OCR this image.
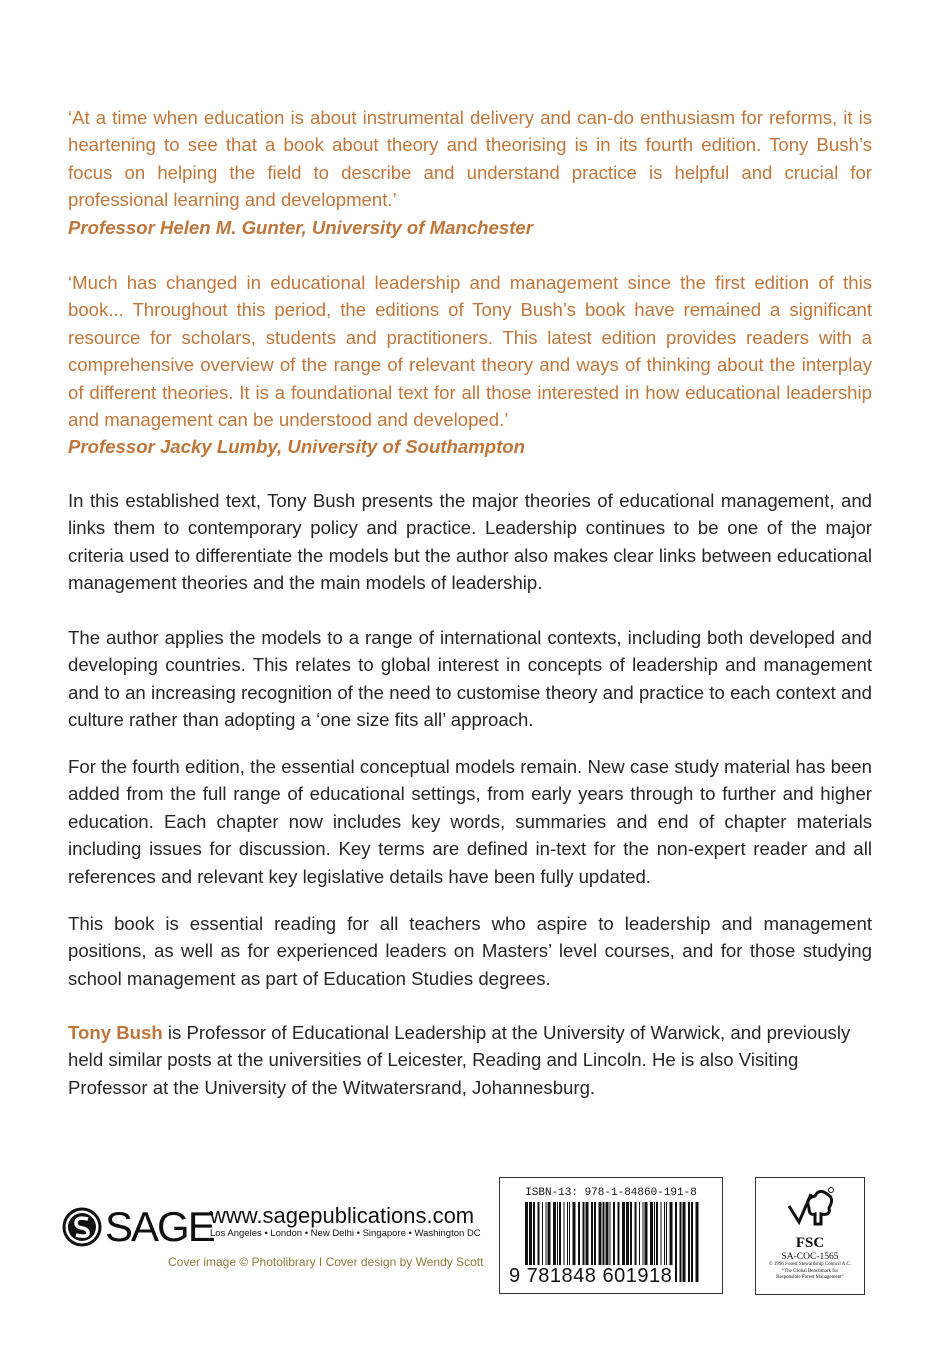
‘At a time when education is about instrumental delivery and can-do enthusiasm for reforms, it is heartening to see that a book about theory and theorising is in its fourth edition. Tony Bush’s focus on helping the field to describe and understand practice is helpful and crucial for professional learning and development.’
Professor Helen M. Gunter, University of Manchester

‘Much has changed in educational leadership and management since the first edition of this book... Throughout this period, the editions of Tony Bush’s book have remained a significant resource for scholars, students and practitioners. This latest edition provides readers with a comprehensive overview of the range of relevant theory and ways of thinking about the interplay of different theories. It is a foundational text for all those interested in how educational leadership and management can be understood and developed.’
Professor Jacky Lumby, University of Southampton

In this established text, Tony Bush presents the major theories of educational management, and links them to contemporary policy and practice. Leadership continues to be one of the major criteria used to differentiate the models but the author also makes clear links between educational management theories and the main models of leadership.

The author applies the models to a range of international contexts, including both developed and developing countries. This relates to global interest in concepts of leadership and management and to an increasing recognition of the need to customise theory and practice to each context and culture rather than adopting a ‘one size fits all’ approach.

For the fourth edition, the essential conceptual models remain. New case study material has been added from the full range of educational settings, from early years through to further and higher education. Each chapter now includes key words, summaries and end of chapter materials including issues for discussion. Key terms are defined in-text for the non-expert reader and all references and relevant key legislative details have been fully updated.

This book is essential reading for all teachers who aspire to leadership and management positions, as well as for experienced leaders on Masters’ level courses, and for those studying school management as part of Education Studies degrees.

Tony Bush is Professor of Educational Leadership at the University of Warwick, and previously held similar posts at the universities of Leicester, Reading and Lincoln. He is also Visiting Professor at the University of the Witwatersrand, Johannesburg.

SAGE
www.sagepublications.com
Los Angeles • London • New Delhi • Singapore • Washington DC
Cover image © Photolibrary I Cover design by Wendy Scott
ISBN-13: 978-1-84860-191-8
9 781848 601918
FSC
SA-COC-1565
© 1996 Forest Stewardship Council A.C.
“The Global Benchmark for Responsible Forest Management”
